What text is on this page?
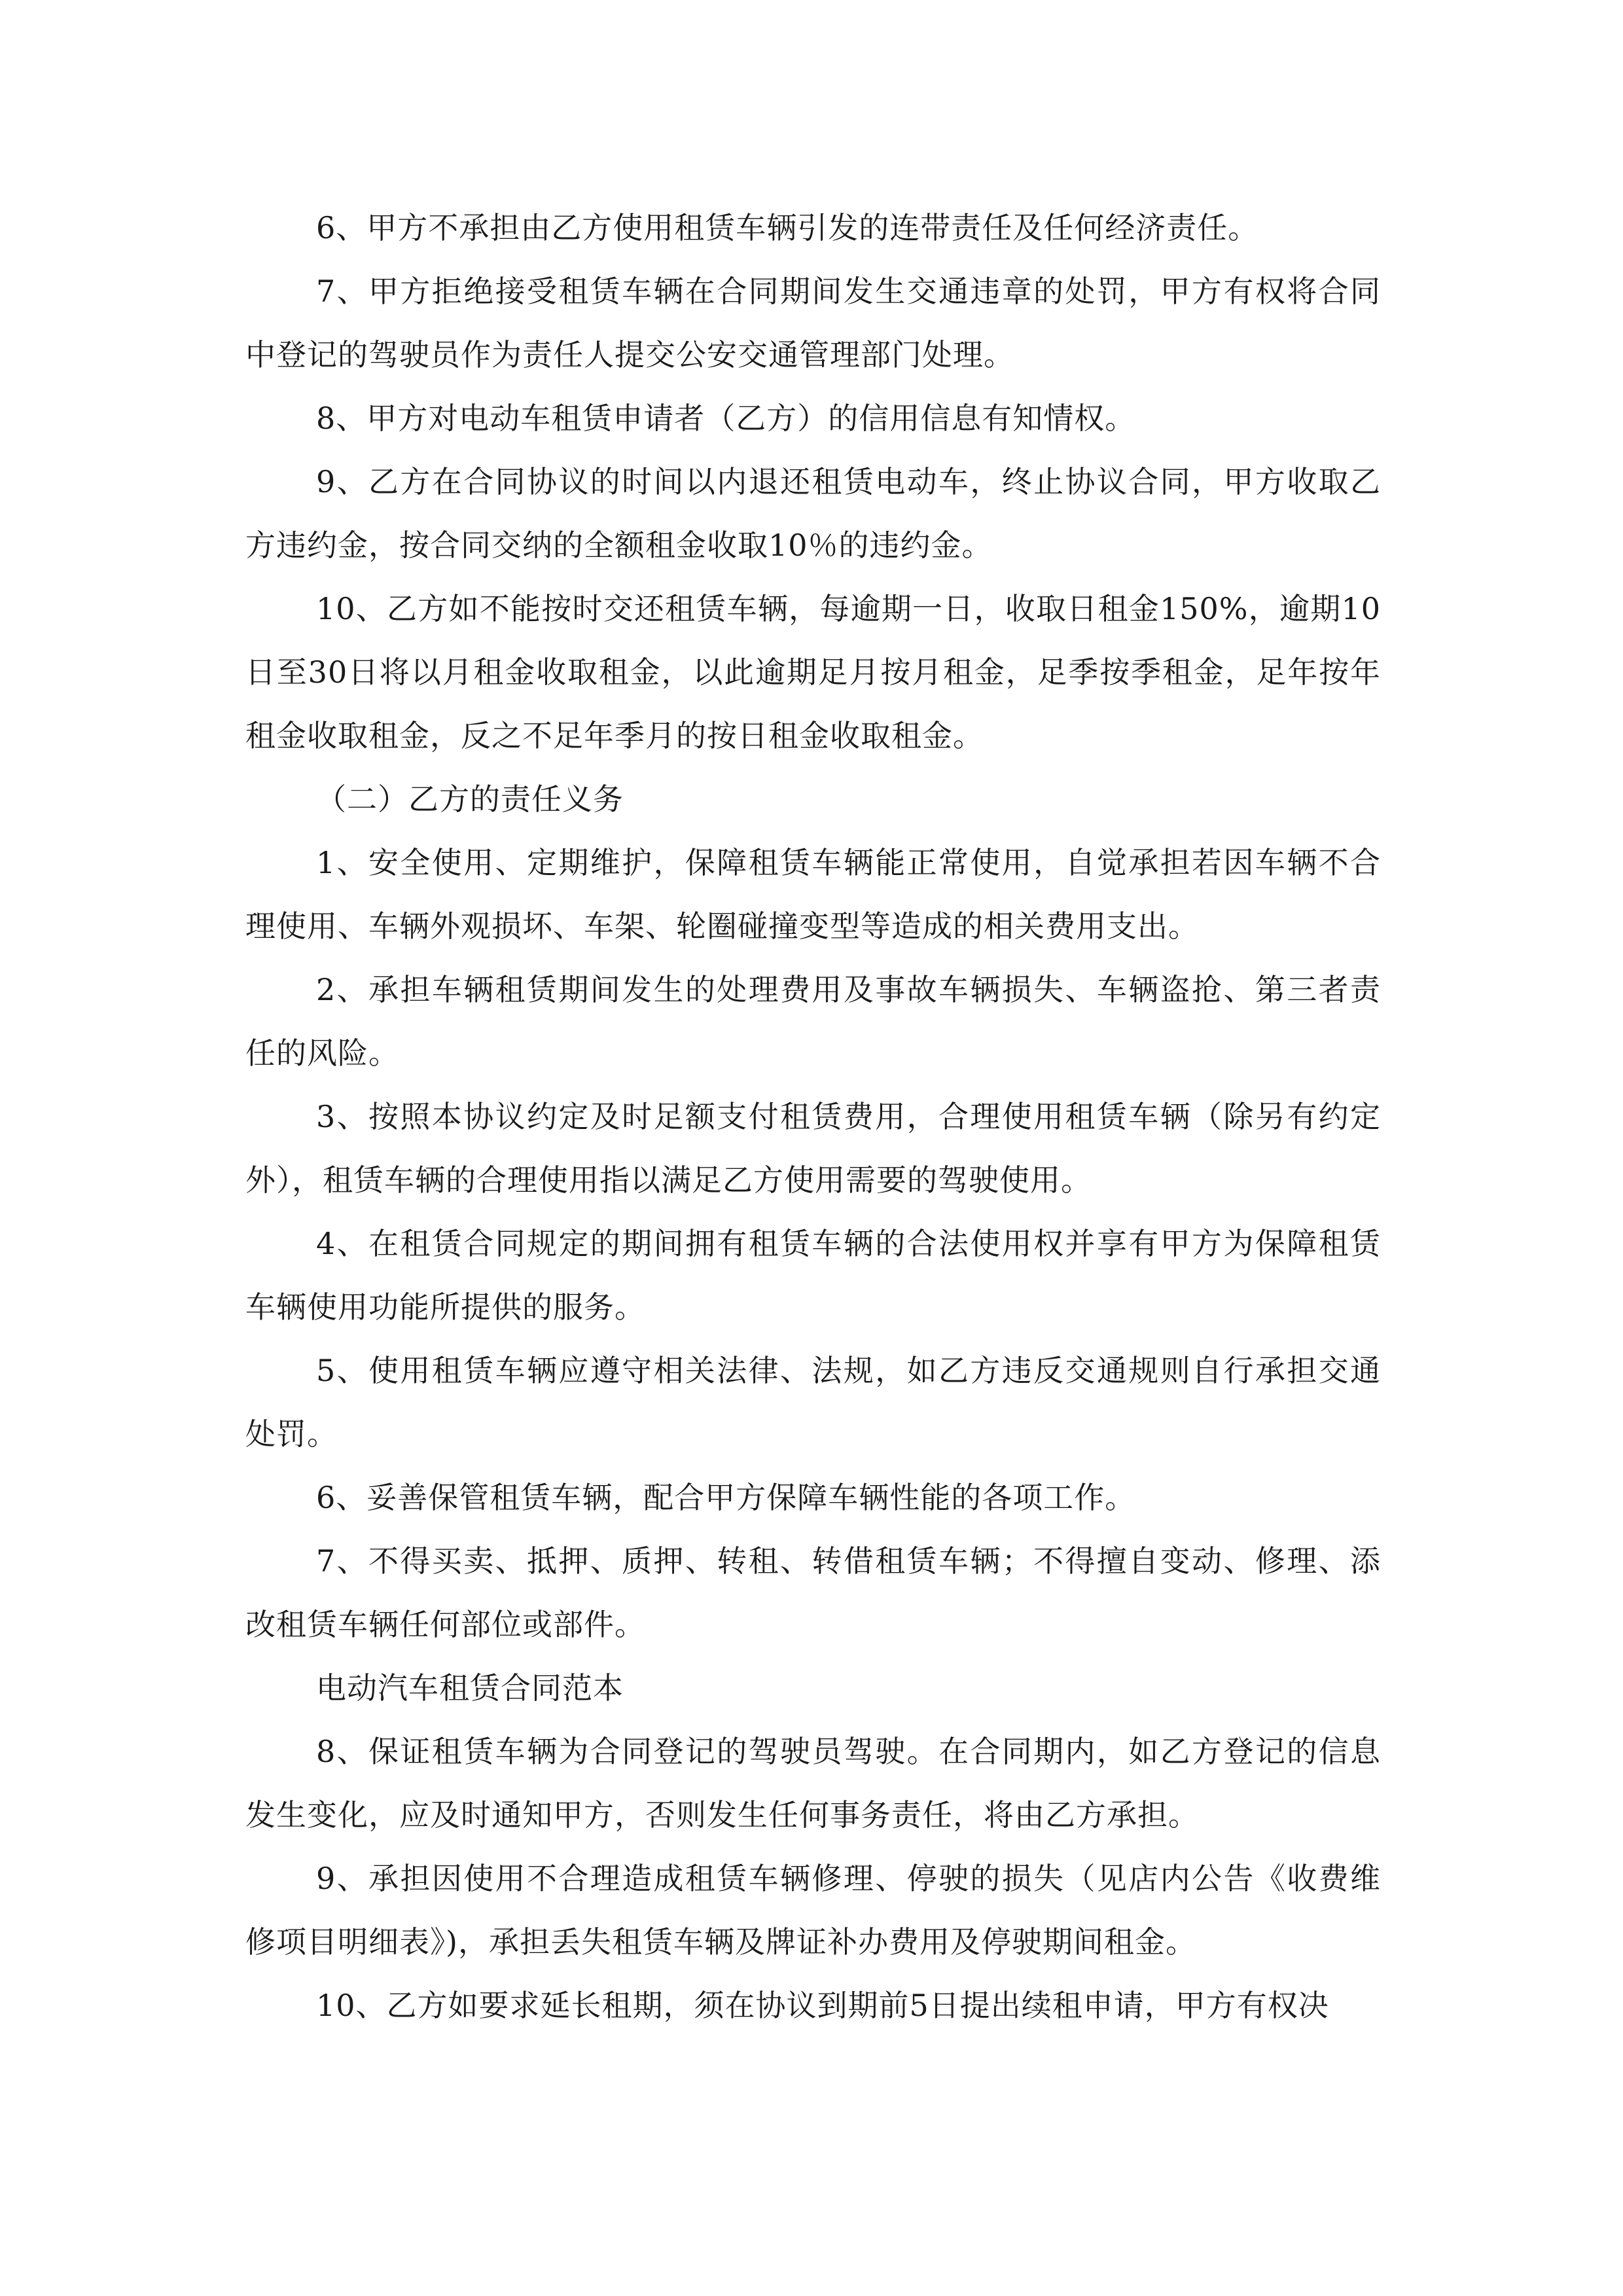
6、甲方不承担由乙方使用租赁车辆引发的连带责任及任何经济责任。

7、甲方拒绝接受租赁车辆在合同期间发生交通违章的处罚，甲方有权将合同中登记的驾驶员作为责任人提交公安交通管理部门处理。

8、甲方对电动车租赁申请者（乙方）的信用信息有知情权。

9、乙方在合同协议的时间以内退还租赁电动车，终止协议合同，甲方收取乙方违约金，按合同交纳的全额租金收取10％的违约金。

10、乙方如不能按时交还租赁车辆，每逾期一日，收取日租金150%，逾期10日至30日将以月租金收取租金，以此逾期足月按月租金，足季按季租金，足年按年租金收取租金，反之不足年季月的按日租金收取租金。

（二）乙方的责任义务

1、安全使用、定期维护，保障租赁车辆能正常使用，自觉承担若因车辆不合理使用、车辆外观损坏、车架、轮圈碰撞变型等造成的相关费用支出。

2、承担车辆租赁期间发生的处理费用及事故车辆损失、车辆盗抢、第三者责任的风险。

3、按照本协议约定及时足额支付租赁费用，合理使用租赁车辆（除另有约定外），租赁车辆的合理使用指以满足乙方使用需要的驾驶使用。

4、在租赁合同规定的期间拥有租赁车辆的合法使用权并享有甲方为保障租赁车辆使用功能所提供的服务。

5、使用租赁车辆应遵守相关法律、法规，如乙方违反交通规则自行承担交通处罚。

6、妥善保管租赁车辆，配合甲方保障车辆性能的各项工作。

7、不得买卖、抵押、质押、转租、转借租赁车辆；不得擅自变动、修理、添改租赁车辆任何部位或部件。

电动汽车租赁合同范本

8、保证租赁车辆为合同登记的驾驶员驾驶。在合同期内，如乙方登记的信息发生变化，应及时通知甲方，否则发生任何事务责任，将由乙方承担。

9、承担因使用不合理造成租赁车辆修理、停驶的损失（见店内公告《收费维修项目明细表》)，承担丢失租赁车辆及牌证补办费用及停驶期间租金。

10、乙方如要求延长租期，须在协议到期前5日提出续租申请，甲方有权决
